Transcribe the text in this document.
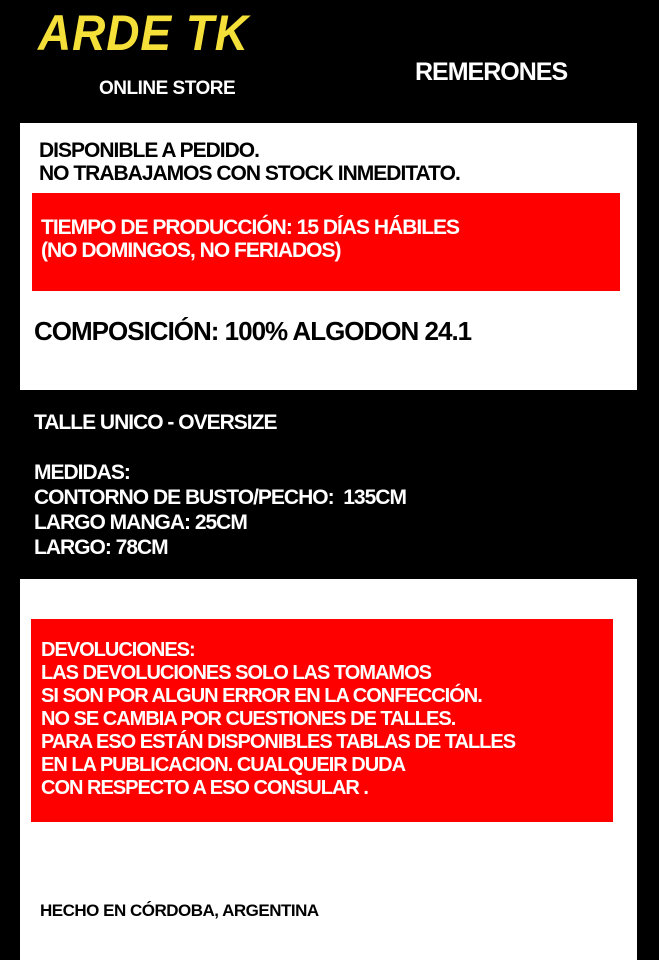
ARDE TK
ONLINE STORE
REMERONES
DISPONIBLE A PEDIDO.
NO TRABAJAMOS CON STOCK INMEDITATO.
TIEMPO DE PRODUCCIÓN: 15 DÍAS HÁBILES
(NO DOMINGOS, NO FERIADOS)
COMPOSICIÓN: 100% ALGODON 24.1
TALLE UNICO - OVERSIZE
MEDIDAS:
CONTORNO DE BUSTO/PECHO:  135CM
LARGO MANGA: 25CM
LARGO: 78CM
DEVOLUCIONES:
LAS DEVOLUCIONES SOLO LAS TOMAMOS
SI SON POR ALGUN ERROR EN LA CONFECCIÓN.
NO SE CAMBIA POR CUESTIONES DE TALLES.
PARA ESO ESTÁN DISPONIBLES TABLAS DE TALLES
EN LA PUBLICACION. CUALQUEIR DUDA
CON RESPECTO A ESO CONSULAR .
HECHO EN CÓRDOBA, ARGENTINA
